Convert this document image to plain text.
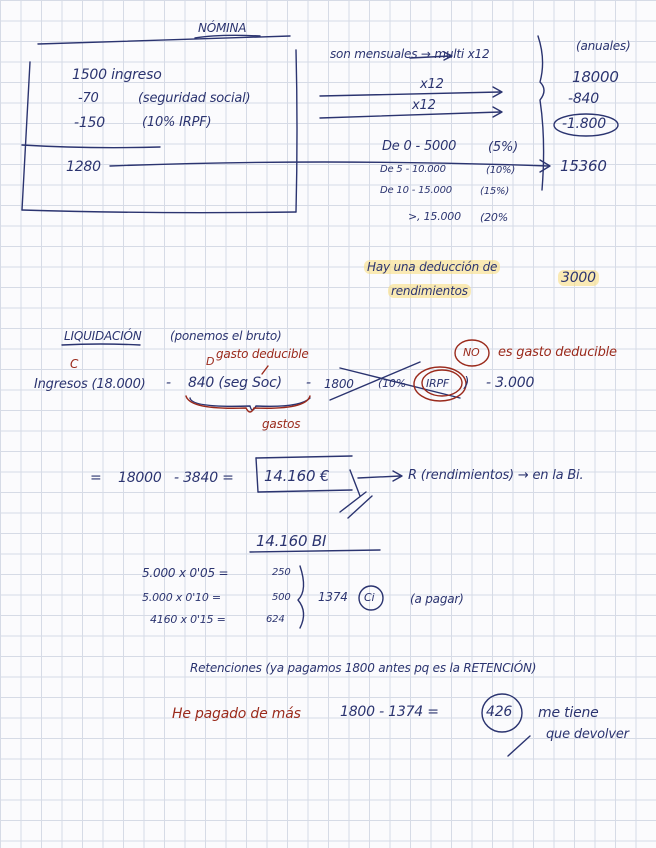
NÓMINA
1500 ingreso
-70	(seguridad social)
-150	(10% IRPF)
1280
son mensuales → multi x12
(anuales)
x12
x12
18000
-840
-1.800
15360
De 0 - 5000 (5%)
De 5 - 10.000	(10%)
De 10 - 15.000	(15%)
>, 15.000 (20%
Hay una deducción de
rendimientos
3000
LIQUIDACIÓN (ponemos el bruto)
C	D
gasto deducible	NO es gasto deducible
Ingresos (18.000) - 840 (seg Soc) - 1800 (10% IRPF ) - 3.000
gastos
= 18000 - 3840 = 14.160 €	R (rendimientos) → en la Bi.
14.160 BI
5.000 x 0'05 =	250
5.000 x 0'10 =	500
4160 x 0'15 =	624
1374 Ci	(a pagar)
Retenciones (ya pagamos 1800 antes pq es la RETENCIÓN)
He pagado de más	1800 - 1374 =	426 me tiene
que devolver
